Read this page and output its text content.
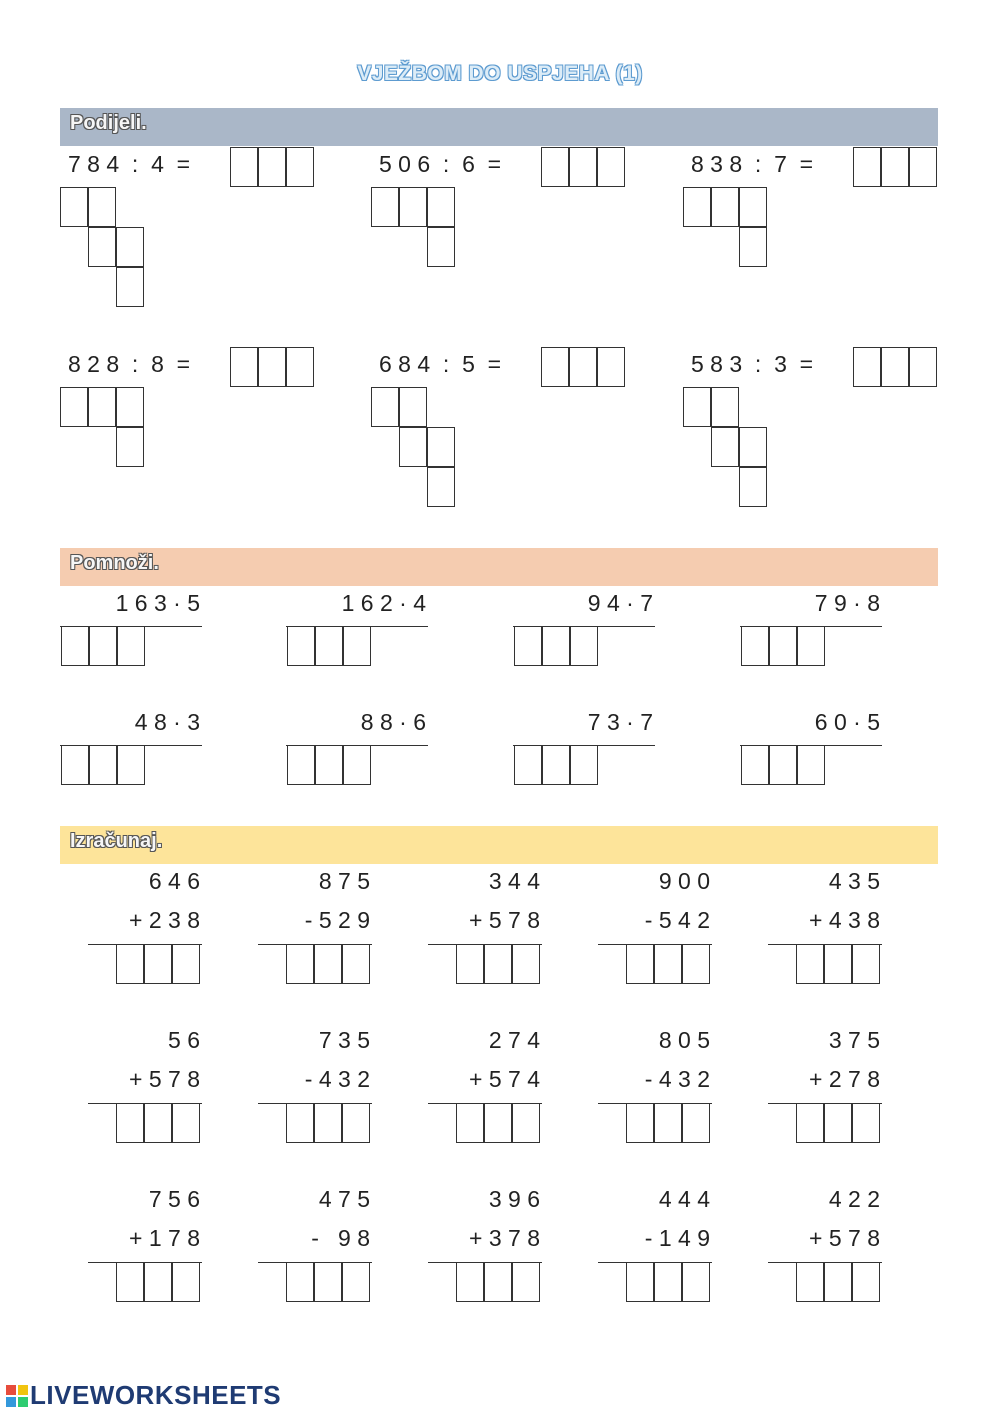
VJEŽBOM DO USPJEHA (1)
Podijeli.
7 8 4  :  4  =	5 0 6  :  6  =	8 3 8  :  7  =
8 2 8  :  8  =	6 8 4  :  5  =	5 8 3  :  3  =
Pomnoži.
1 6 3 · 5	1 6 2 · 4	9 4 · 7	7 9 · 8
4 8 · 3	8 8 · 6	7 3 · 7	6 0 · 5
Izračunaj.
6 4 6
+ 2 3 8
8 7 5
- 5 2 9
3 4 4
+ 5 7 8
9 0 0
- 5 4 2
4 3 5
+ 4 3 8
5 6
+ 5 7 8
7 3 5
- 4 3 2
2 7 4
+ 5 7 4
8 0 5
- 4 3 2
3 7 5
+ 2 7 8
7 5 6
+ 1 7 8
4 7 5
-   9 8
3 9 6
+ 3 7 8
4 4 4
- 1 4 9
4 2 2
+ 5 7 8
LIVEWORKSHEETS
